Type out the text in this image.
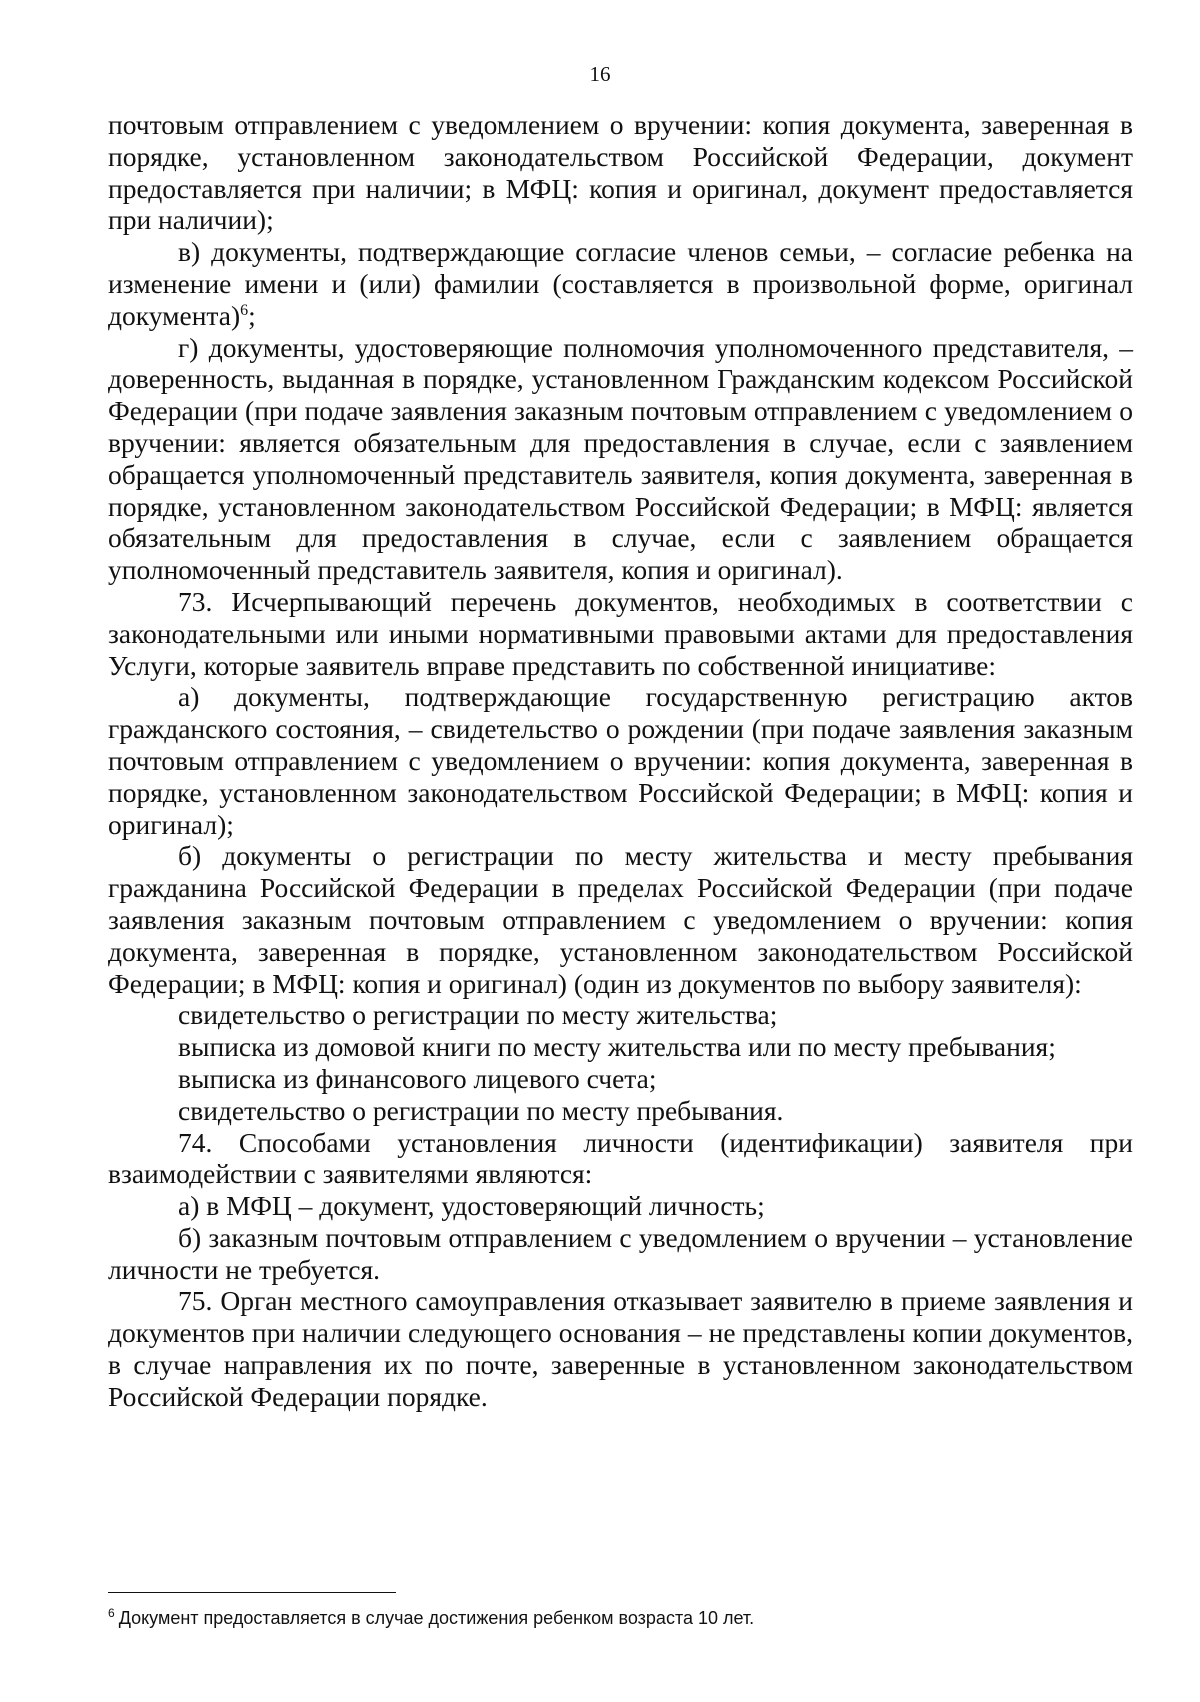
16

почтовым отправлением с уведомлением о вручении: копия документа, заверенная в порядке, установленном законодательством Российской Федерации, документ предоставляется при наличии; в МФЦ: копия и оригинал, документ предоставляется при наличии);

в) документы, подтверждающие согласие членов семьи, – согласие ребенка на изменение имени и (или) фамилии (составляется в произвольной форме, оригинал документа)$^6$;

г) документы, удостоверяющие полномочия уполномоченного представителя, – доверенность, выданная в порядке, установленном Гражданским кодексом Российской Федерации (при подаче заявления заказным почтовым отправлением с уведомлением о вручении: является обязательным для предоставления в случае, если с заявлением обращается уполномоченный представитель заявителя, копия документа, заверенная в порядке, установленном законодательством Российской Федерации; в МФЦ: является обязательным для предоставления в случае, если с заявлением обращается уполномоченный представитель заявителя, копия и оригинал).

73. Исчерпывающий перечень документов, необходимых в соответствии с законодательными или иными нормативными правовыми актами для предоставления Услуги, которые заявитель вправе представить по собственной инициативе:

а) документы, подтверждающие государственную регистрацию актов гражданского состояния, – свидетельство о рождении (при подаче заявления заказным почтовым отправлением с уведомлением о вручении: копия документа, заверенная в порядке, установленном законодательством Российской Федерации; в МФЦ: копия и оригинал);

б) документы о регистрации по месту жительства и месту пребывания гражданина Российской Федерации в пределах Российской Федерации (при подаче заявления заказным почтовым отправлением с уведомлением о вручении: копия документа, заверенная в порядке, установленном законодательством Российской Федерации; в МФЦ: копия и оригинал) (один из документов по выбору заявителя):

свидетельство о регистрации по месту жительства;

выписка из домовой книги по месту жительства или по месту пребывания;

выписка из финансового лицевого счета;

свидетельство о регистрации по месту пребывания.

74. Способами установления личности (идентификации) заявителя при взаимодействии с заявителями являются:

а) в МФЦ – документ, удостоверяющий личность;

б) заказным почтовым отправлением с уведомлением о вручении – установление личности не требуется.

75. Орган местного самоуправления отказывает заявителю в приеме заявления и документов при наличии следующего основания – не представлены копии документов, в случае направления их по почте, заверенные в установленном законодательством Российской Федерации порядке.

$^6$ Документ предоставляется в случае достижения ребенком возраста 10 лет.
